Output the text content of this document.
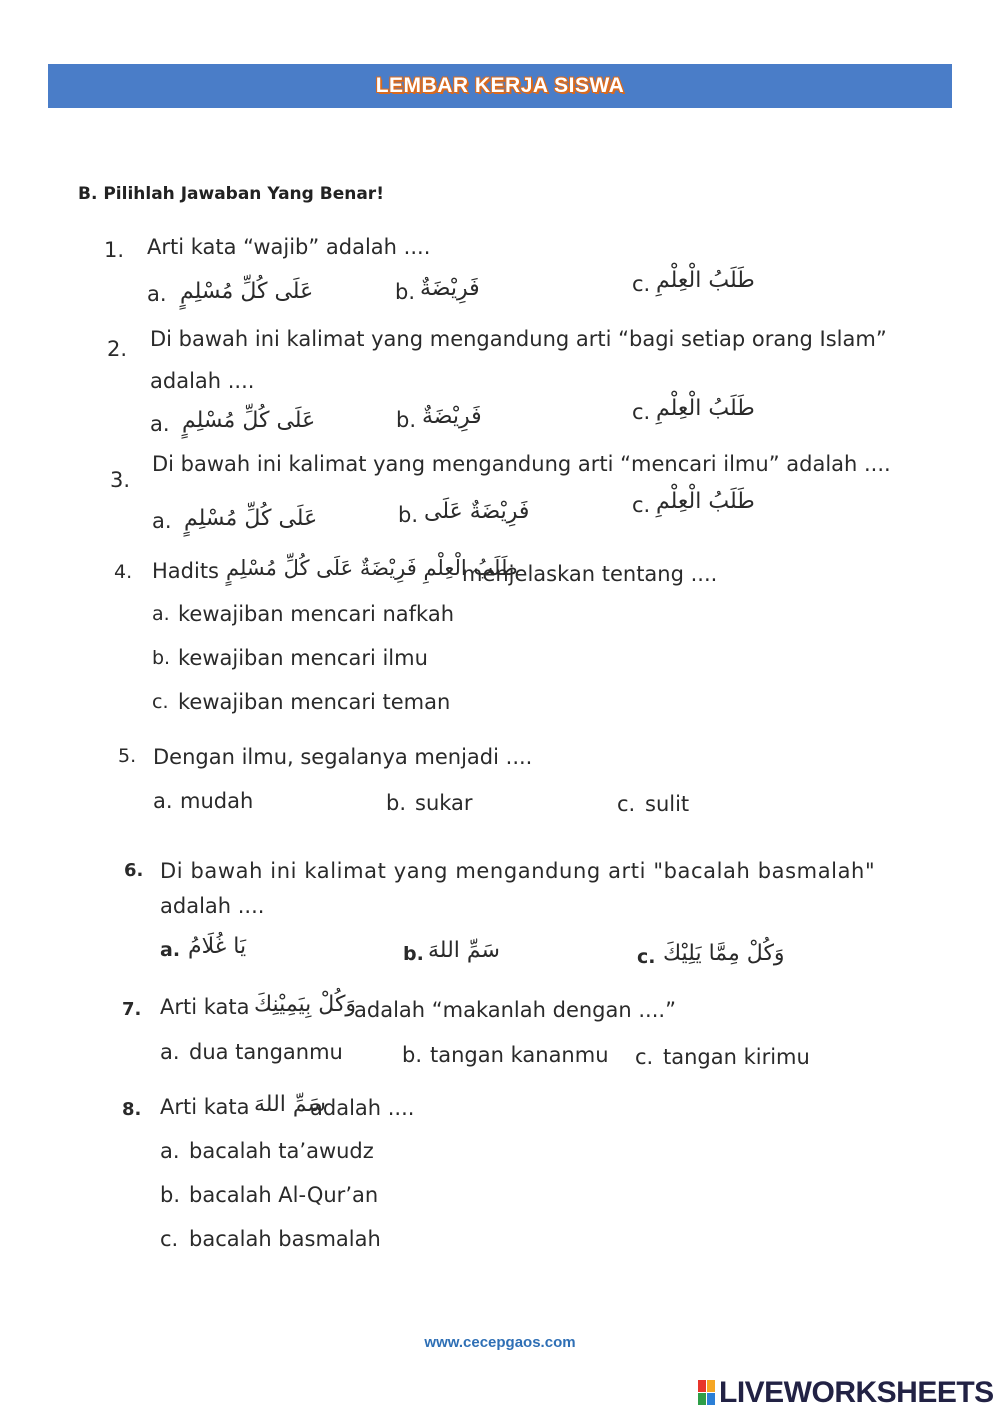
LEMBAR KERJA SISWA
B. Pilihlah Jawaban Yang Benar!
1. Arti kata “wajib” adalah ....
a. عَلَى كُلِّ مُسْلِمٍ	b. فَرِيْضَةٌ	c. طَلَبُ الْعِلْمِ
2. Di bawah ini kalimat yang mengandung arti “bagi setiap orang Islam”
adalah ....
a. عَلَى كُلِّ مُسْلِمٍ	b. فَرِيْضَةٌ	c. طَلَبُ الْعِلْمِ
3.
Di bawah ini kalimat yang mengandung arti “mencari ilmu” adalah ....
a. عَلَى كُلِّ مُسْلِمٍ	b. فَرِيْضَةٌ عَلَى	c. طَلَبُ الْعِلْمِ
4. Hadits طَلَبُ الْعِلْمِ فَرِيْضَةٌ عَلَى كُلِّ مُسْلِمٍ
menjelaskan tentang ....
a. kewajiban mencari nafkah
b. kewajiban mencari ilmu
c. kewajiban mencari teman
5. Dengan ilmu, segalanya menjadi ....
a. mudah	b. sukar	c. sulit
6. Di bawah ini kalimat yang mengandung arti "bacalah basmalah"
adalah ....
a. يَا غُلَامُ	b. سَمِّ اللهَ	c. وَكُلْ مِمَّا يَلِيْكَ
7. Arti kata وَكُلْ بِيَمِيْنِكَ
adalah “makanlah dengan ....”
a. dua tanganmu	b. tangan kananmu c. tangan kirimu
8. Arti kata سَمِّ اللهَ
adalah ....
a. bacalah ta’awudz
b. bacalah Al-Qur’an
c. bacalah basmalah
www.cecepgaos.com
LIVEWORKSHEETS
